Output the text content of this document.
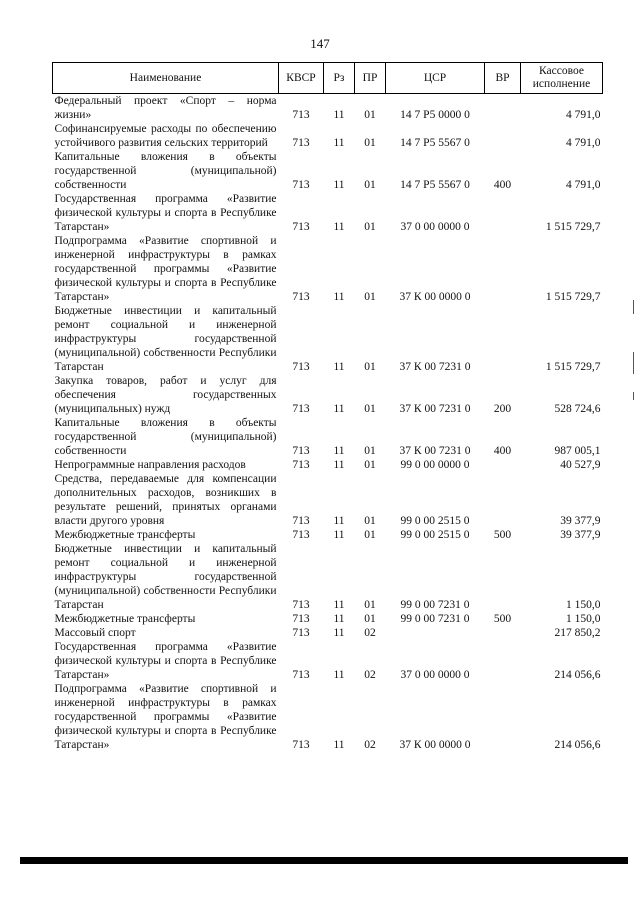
147
Наименование	КВСР	Рз	ПР	ЦСР	ВР	Кассовое исполнение
Федеральный проект «Спорт – норма жизни»	713	11	01	14 7 P5 0000 0		4 791,0
Софинансируемые расходы по обеспечению устойчивого развития сельских территорий	713	11	01	14 7 P5 5567 0		4 791,0
Капитальные вложения в объекты государственной (муниципальной) собственности	713	11	01	14 7 P5 5567 0	400	4 791,0
Государственная программа «Развитие физической культуры и спорта в Республике Татарстан»	713	11	01	37 0 00 0000 0		1 515 729,7
Подпрограмма «Развитие спортивной и инженерной инфраструктуры в рамках государственной программы «Развитие физической культуры и спорта в Республике Татарстан»	713	11	01	37 К 00 0000 0		1 515 729,7
Бюджетные инвестиции и капитальный ремонт социальной и инженерной инфраструктуры государственной (муниципальной) собственности Республики Татарстан	713	11	01	37 К 00 7231 0		1 515 729,7
Закупка товаров, работ и услуг для обеспечения государственных (муниципальных) нужд	713	11	01	37 К 00 7231 0	200	528 724,6
Капитальные вложения в объекты государственной (муниципальной) собственности	713	11	01	37 К 00 7231 0	400	987 005,1
Непрограммные направления расходов	713	11	01	99 0 00 0000 0		40 527,9
Средства, передаваемые для компенсации дополнительных расходов, возникших в результате решений, принятых органами власти другого уровня	713	11	01	99 0 00 2515 0		39 377,9
Межбюджетные трансферты	713	11	01	99 0 00 2515 0	500	39 377,9
Бюджетные инвестиции и капитальный ремонт социальной и инженерной инфраструктуры государственной (муниципальной) собственности Республики Татарстан	713	11	01	99 0 00 7231 0		1 150,0
Межбюджетные трансферты	713	11	01	99 0 00 7231 0	500	1 150,0
Массовый спорт	713	11	02			217 850,2
Государственная программа «Развитие физической культуры и спорта в Республике Татарстан»	713	11	02	37 0 00 0000 0		214 056,6
Подпрограмма «Развитие спортивной и инженерной инфраструктуры в рамках государственной программы «Развитие физической культуры и спорта в Республике Татарстан»	713	11	02	37 К 00 0000 0		214 056,6
